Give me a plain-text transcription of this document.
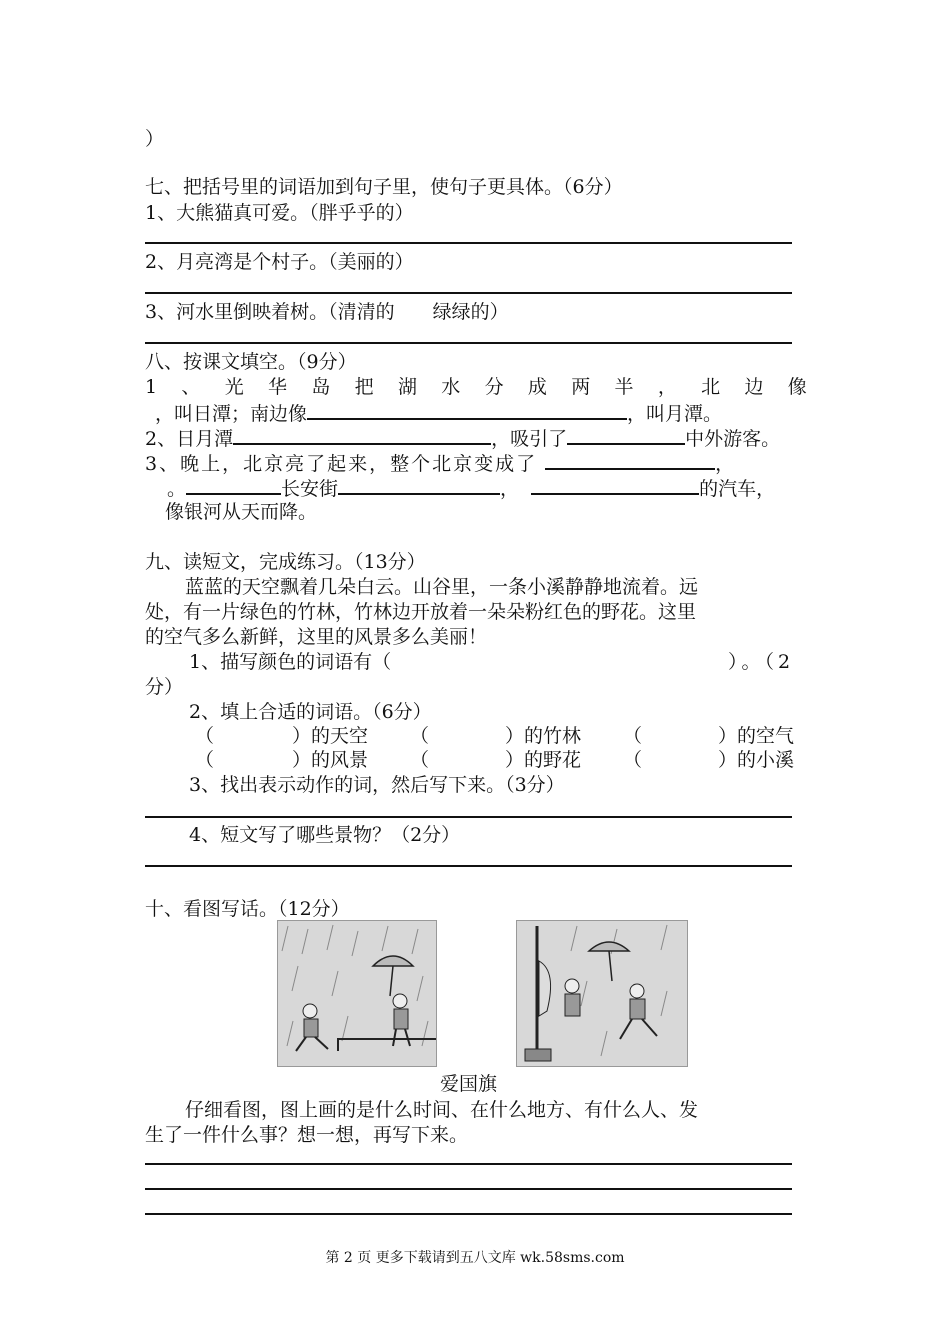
）
七、把括号里的词语加到句子里，使句子更具体。（6分）
1、大熊猫真可爱。（胖乎乎的）
2、月亮湾是个村子。（美丽的）
3、河水里倒映着树。（清清的　　绿绿的）
八、按课文填空。（9分）
1 、 光 华 岛 把 湖 水 分 成 两 半 ， 北 边 像
，叫日潭；南边像	，叫月潭。
2、日月潭	，吸引了	中外游客。
3、晚上，北京亮了起来，整个北京变成了	，
。	长安街	，	的汽车，
像银河从天而降。
九、读短文，完成练习。（13分）
蓝蓝的天空飘着几朵白云。山谷里，一条小溪静静地流着。远
处，有一片绿色的竹林，竹林边开放着一朵朵粉红色的野花。这里
的空气多么新鲜，这里的风景多么美丽！
1、描写颜色的词语有（	）。（2
分）
2、填上合适的词语。（6分）
（	）的天空 （	）的竹林 （	）的空气
（	）的风景 （	）的野花 （	）的小溪
3、找出表示动作的词，然后写下来。（3分）
4、短文写了哪些景物？（2分）
十、看图写话。（12分）
爱国旗
仔细看图，图上画的是什么时间、在什么地方、有什么人、发
生了一件什么事？想一想，再写下来。
第 2 页 更多下载请到五八文库 wk.58sms.com
